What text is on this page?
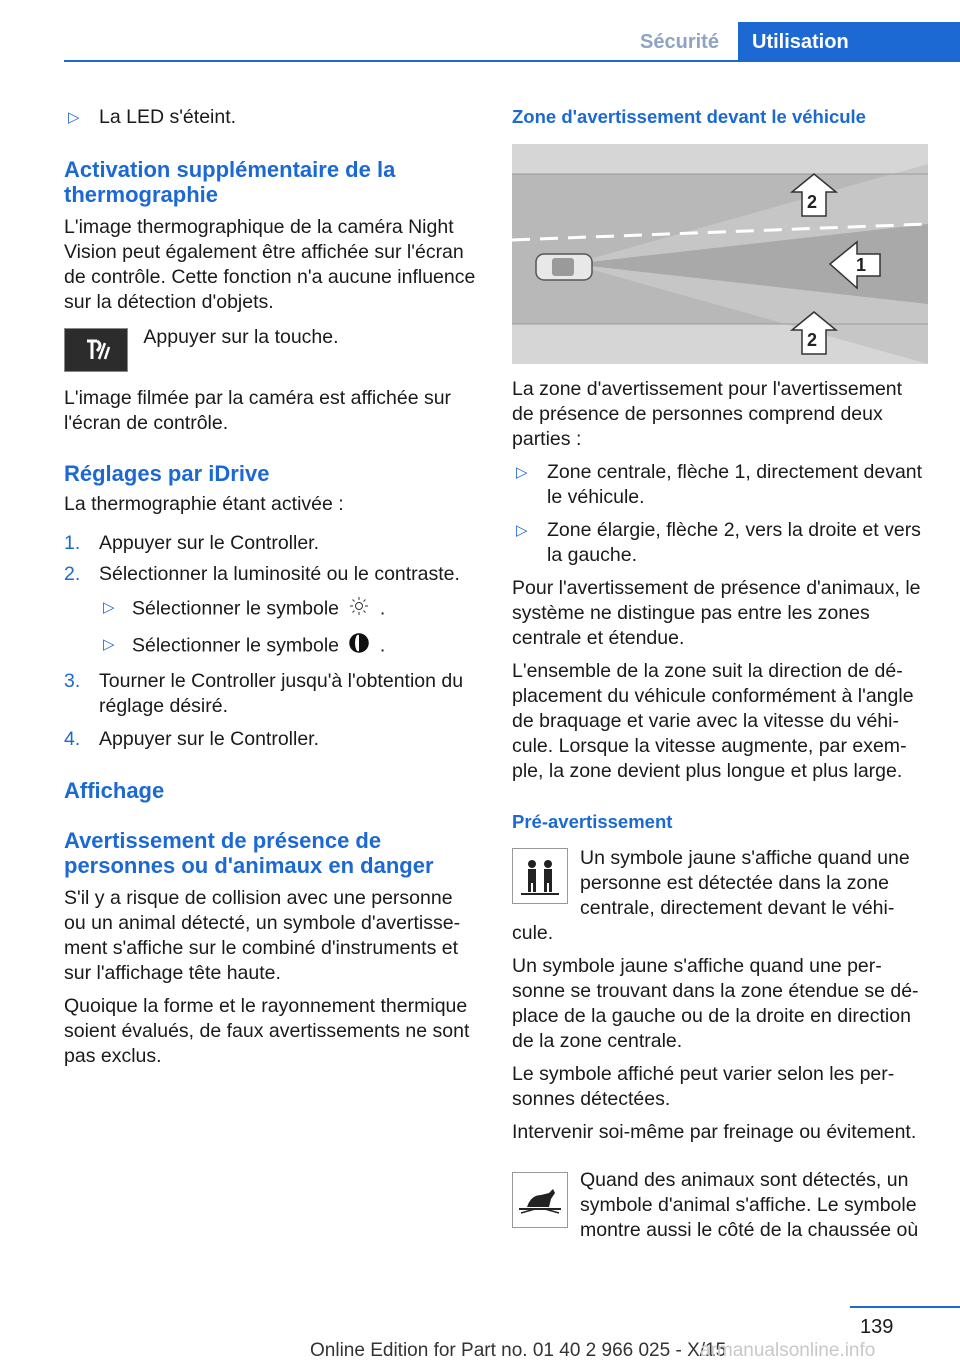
Sécurité	Utilisation
▷ La LED s'éteint.
Activation supplémentaire de la thermographie

L'image thermographique de la caméra Night Vision peut également être affichée sur l'écran de contrôle. Cette fonction n'a aucune influence sur la détection d'objets.

Appuyer sur la touche.

L'image filmée par la caméra est affichée sur l'écran de contrôle.

Réglages par iDrive

La thermographie étant activée :

1. Appuyer sur le Controller.
2. Sélectionner la luminosité ou le contraste.
▷ Sélectionner le symbole .
▷ Sélectionner le symbole .
3. Tourner le Controller jusqu'à l'obtention du réglage désiré.
4. Appuyer sur le Controller.
Affichage
Avertissement de présence de personnes ou d'animaux en danger

S'il y a risque de collision avec une personne ou un animal détecté, un symbole d'avertissement s'affiche sur le combiné d'instruments et sur l'affichage tête haute.

Quoique la forme et le rayonnement thermique soient évalués, de faux avertissements ne sont pas exclus.

Zone d'avertissement devant le véhicule
1
2
2

La zone d'avertissement pour l'avertissement de présence de personnes comprend deux parties :

▷ Zone centrale, flèche 1, directement devant le véhicule.
▷ Zone élargie, flèche 2, vers la droite et vers la gauche.

Pour l'avertissement de présence d'animaux, le système ne distingue pas entre les zones centrale et étendue.

L'ensemble de la zone suit la direction de déplacement du véhicule conformément à l'angle de braquage et varie avec la vitesse du véhicule. Lorsque la vitesse augmente, par exemple, la zone devient plus longue et plus large.

Pré-avertissement

Un symbole jaune s'affiche quand une personne est détectée dans la zone centrale, directement devant le véhicule.

Un symbole jaune s'affiche quand une personne se trouvant dans la zone étendue se déplace de la gauche ou de la droite en direction de la zone centrale.

Le symbole affiché peut varier selon les personnes détectées.

Intervenir soi-même par freinage ou évitement.

Quand des animaux sont détectés, un symbole d'animal s'affiche. Le symbole montre aussi le côté de la chaussée où

139
Online Edition for Part no. 01 40 2 966 025 - X/15
armanualsonline.info
